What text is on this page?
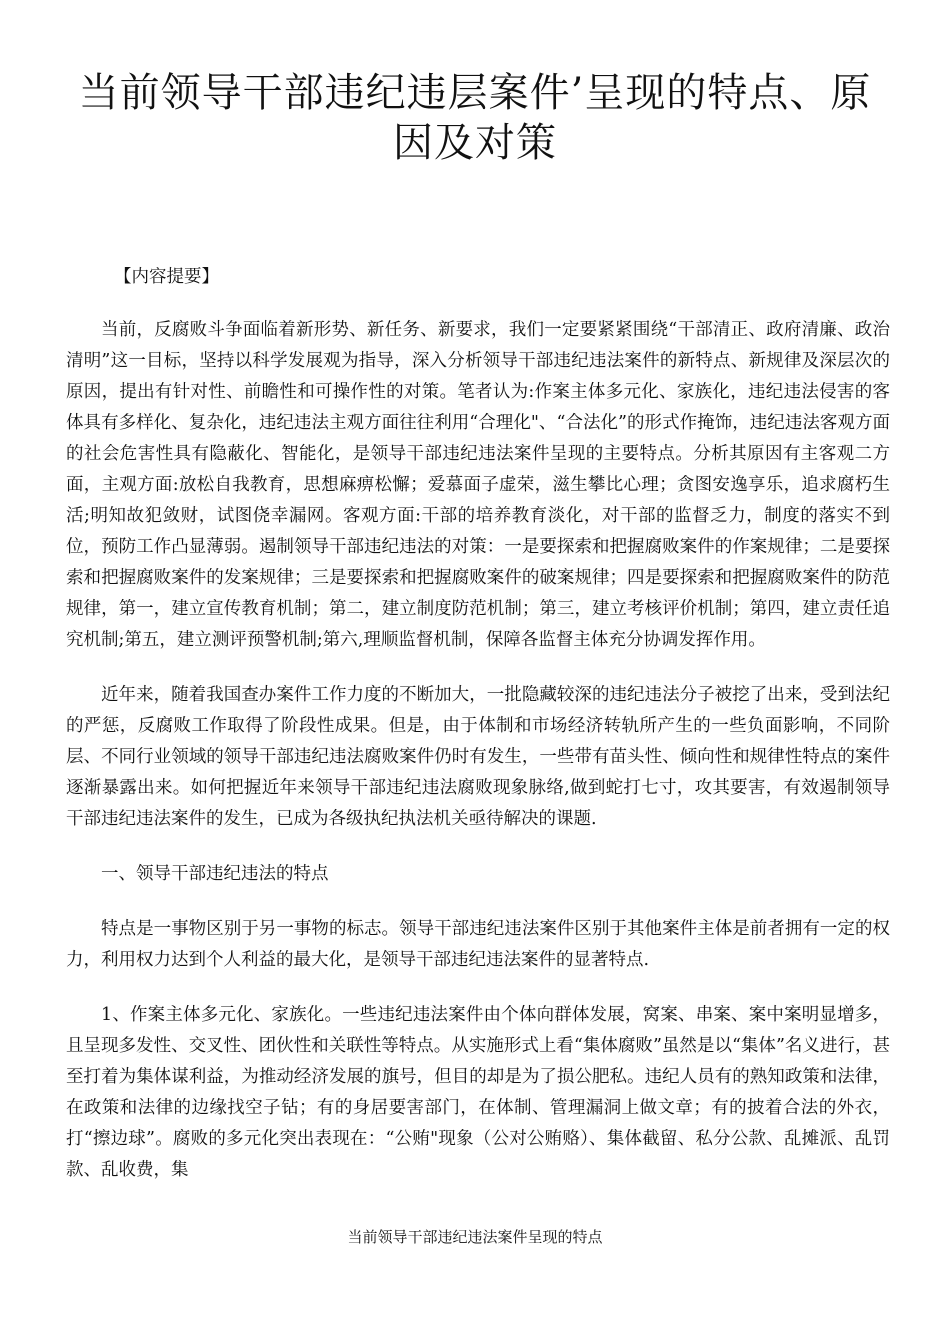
当前领导干部违纪违层案件’呈现的特点、原因及对策

【内容提要】

当前，反腐败斗争面临着新形势、新任务、新要求，我们一定要紧紧围绕“干部清正、政府清廉、政治清明”这一目标，坚持以科学发展观为指导，深入分析领导干部违纪违法案件的新特点、新规律及深层次的原因，提出有针对性、前瞻性和可操作性的对策。笔者认为:作案主体多元化、家族化，违纪违法侵害的客体具有多样化、复杂化，违纪违法主观方面往往利用“合理化"、“合法化”的形式作掩饰，违纪违法客观方面的社会危害性具有隐蔽化、智能化，是领导干部违纪违法案件呈现的主要特点。分析其原因有主客观二方面，主观方面:放松自我教育，思想麻痹松懈；爱慕面子虚荣，滋生攀比心理；贪图安逸享乐，追求腐朽生活;明知故犯敛财，试图侥幸漏网。客观方面:干部的培养教育淡化，对干部的监督乏力，制度的落实不到位，预防工作凸显薄弱。遏制领导干部违纪违法的对策：一是要探索和把握腐败案件的作案规律；二是要探索和把握腐败案件的发案规律；三是要探索和把握腐败案件的破案规律；四是要探索和把握腐败案件的防范规律，第一，建立宣传教育机制；第二，建立制度防范机制；第三，建立考核评价机制；第四，建立责任追究机制;第五，建立测评预警机制;第六,理顺监督机制，保障各监督主体充分协调发挥作用。

近年来，随着我国查办案件工作力度的不断加大，一批隐藏较深的违纪违法分子被挖了出来，受到法纪的严惩，反腐败工作取得了阶段性成果。但是，由于体制和市场经济转轨所产生的一些负面影响，不同阶层、不同行业领域的领导干部违纪违法腐败案件仍时有发生，一些带有苗头性、倾向性和规律性特点的案件逐渐暴露出来。如何把握近年来领导干部违纪违法腐败现象脉络,做到蛇打七寸，攻其要害，有效遏制领导干部违纪违法案件的发生，已成为各级执纪执法机关亟待解决的课题.

一、领导干部违纪违法的特点

特点是一事物区别于另一事物的标志。领导干部违纪违法案件区别于其他案件主体是前者拥有一定的权力，利用权力达到个人利益的最大化，是领导干部违纪违法案件的显著特点.

1、作案主体多元化、家族化。一些违纪违法案件由个体向群体发展，窝案、串案、案中案明显增多，且呈现多发性、交叉性、团伙性和关联性等特点。从实施形式上看“集体腐败”虽然是以“集体”名义进行，甚至打着为集体谋利益，为推动经济发展的旗号，但目的却是为了损公肥私。违纪人员有的熟知政策和法律，在政策和法律的边缘找空子钻；有的身居要害部门，在体制、管理漏洞上做文章；有的披着合法的外衣，打“擦边球”。腐败的多元化突出表现在：“公贿"现象（公对公贿赂）、集体截留、私分公款、乱摊派、乱罚款、乱收费，集

当前领导干部违纪违法案件呈现的特点
